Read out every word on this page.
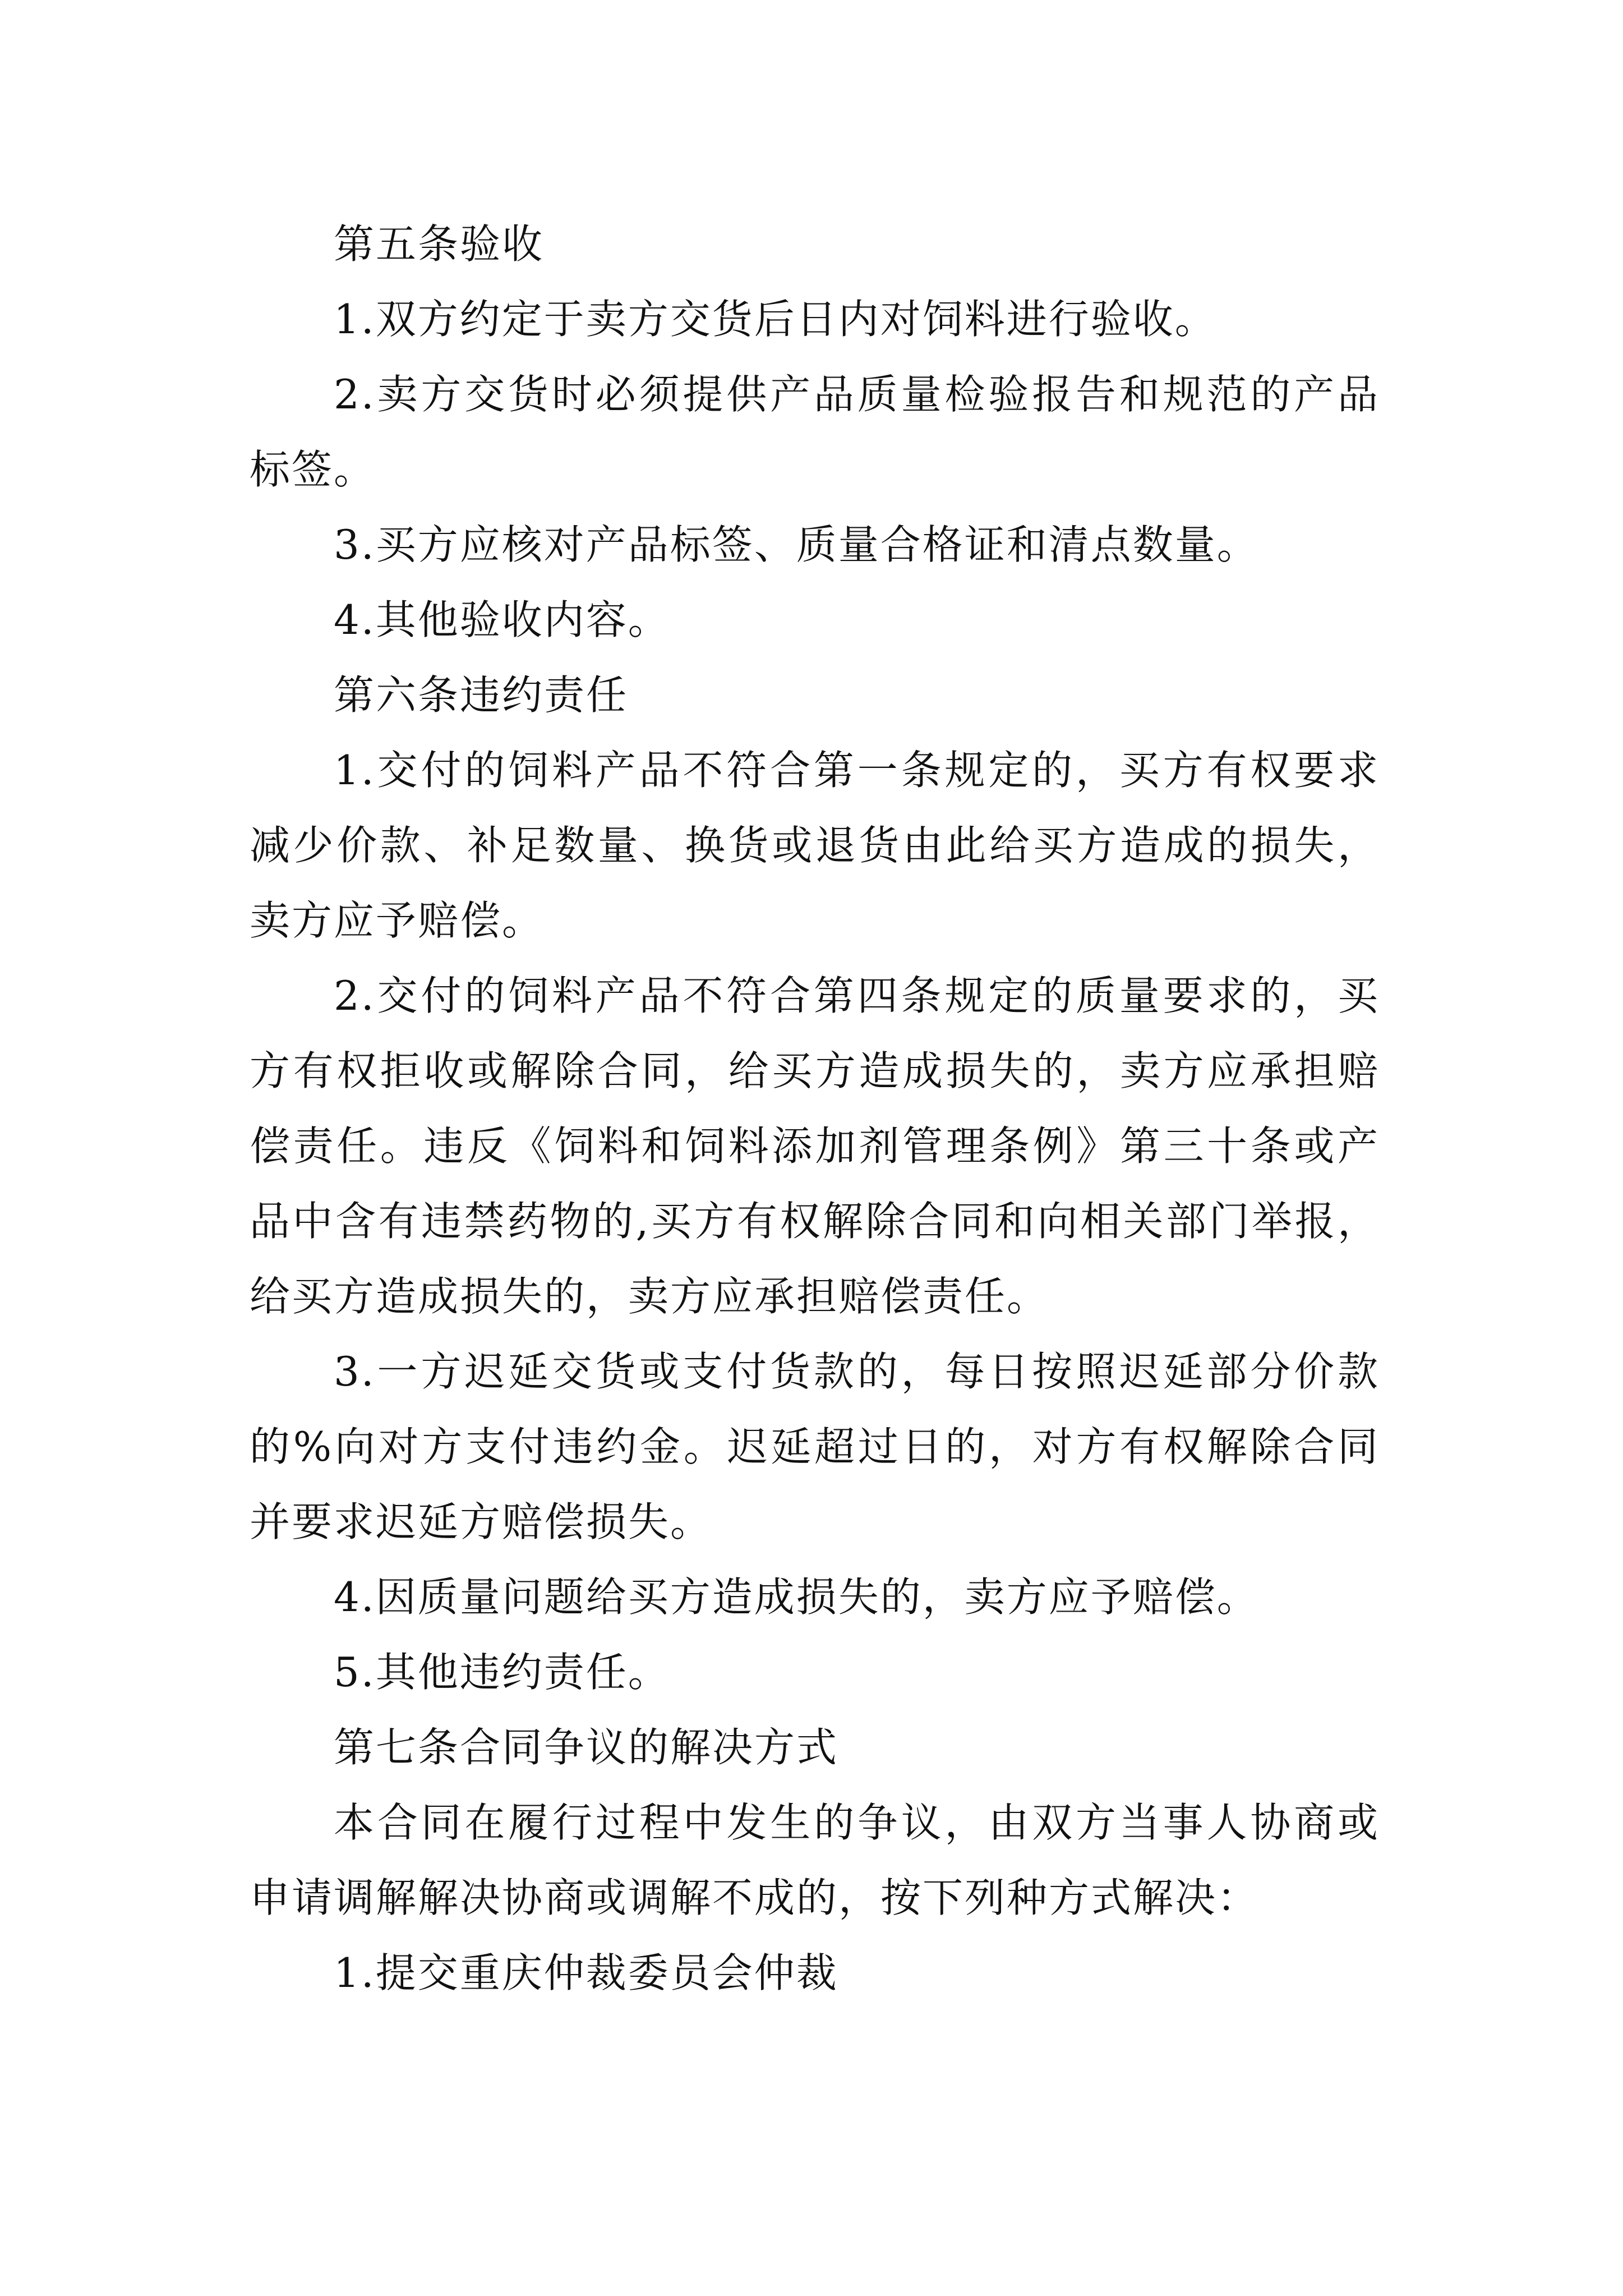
第五条验收

1.双方约定于卖方交货后日内对饲料进行验收。

2.卖方交货时必须提供产品质量检验报告和规范的产品标签。

3.买方应核对产品标签、质量合格证和清点数量。

4.其他验收内容。

第六条违约责任

1.交付的饲料产品不符合第一条规定的，买方有权要求减少价款、补足数量、换货或退货由此给买方造成的损失，卖方应予赔偿。

2.交付的饲料产品不符合第四条规定的质量要求的，买方有权拒收或解除合同，给买方造成损失的，卖方应承担赔偿责任。违反《饲料和饲料添加剂管理条例》第三十条或产品中含有违禁药物的,买方有权解除合同和向相关部门举报，给买方造成损失的，卖方应承担赔偿责任。

3.一方迟延交货或支付货款的，每日按照迟延部分价款的%向对方支付违约金。迟延超过日的，对方有权解除合同并要求迟延方赔偿损失。

4.因质量问题给买方造成损失的，卖方应予赔偿。

5.其他违约责任。

第七条合同争议的解决方式

本合同在履行过程中发生的争议，由双方当事人协商或申请调解解决协商或调解不成的，按下列种方式解决：

1.提交重庆仲裁委员会仲裁
